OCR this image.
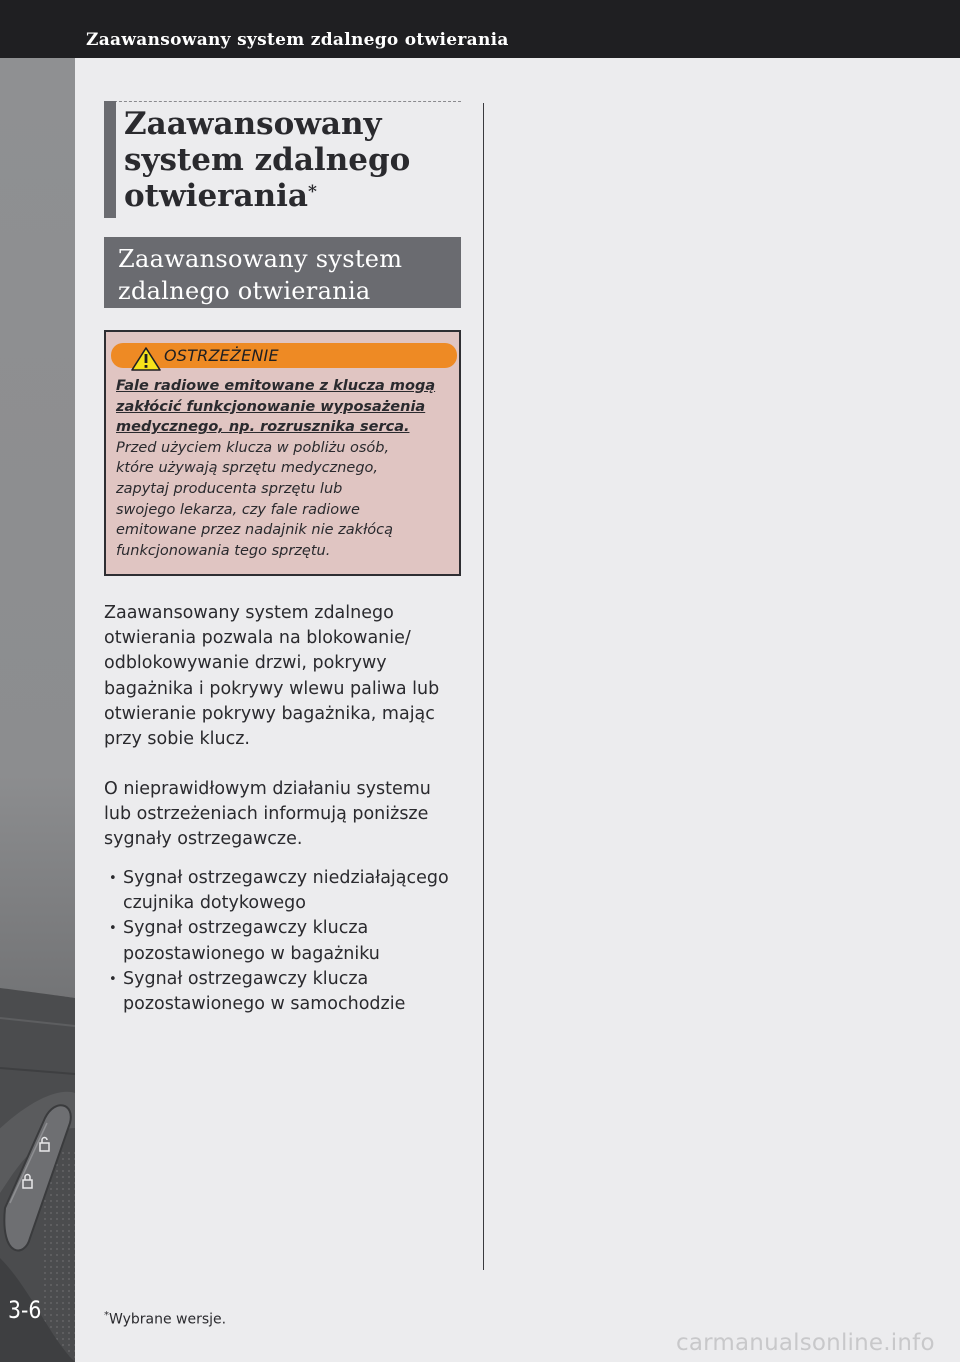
Zaawansowany system zdalnego otwierania
3-6
Zaawansowany
system zdalnego
otwierania*
Zaawansowany system
zdalnego otwierania
OSTRZEŻENIE
Fale radiowe emitowane z klucza mogą
zakłócić funkcjonowanie wyposażenia
medycznego, np. rozrusznika serca.
Przed użyciem klucza w pobliżu osób,
które używają sprzętu medycznego,
zapytaj producenta sprzętu lub
swojego lekarza, czy fale radiowe
emitowane przez nadajnik nie zakłócą
funkcjonowania tego sprzętu.
Zaawansowany system zdalnego
otwierania pozwala na blokowanie/
odblokowywanie drzwi, pokrywy
bagażnika i pokrywy wlewu paliwa lub
otwieranie pokrywy bagażnika, mając
przy sobie klucz.
O nieprawidłowym działaniu systemu
lub ostrzeżeniach informują poniższe
sygnały ostrzegawcze.
• Sygnał ostrzegawczy niedziałającego
czujnika dotykowego
• Sygnał ostrzegawczy klucza
pozostawionego w bagażniku
• Sygnał ostrzegawczy klucza
pozostawionego w samochodzie
*Wybrane wersje.
carmanualsonline.info
